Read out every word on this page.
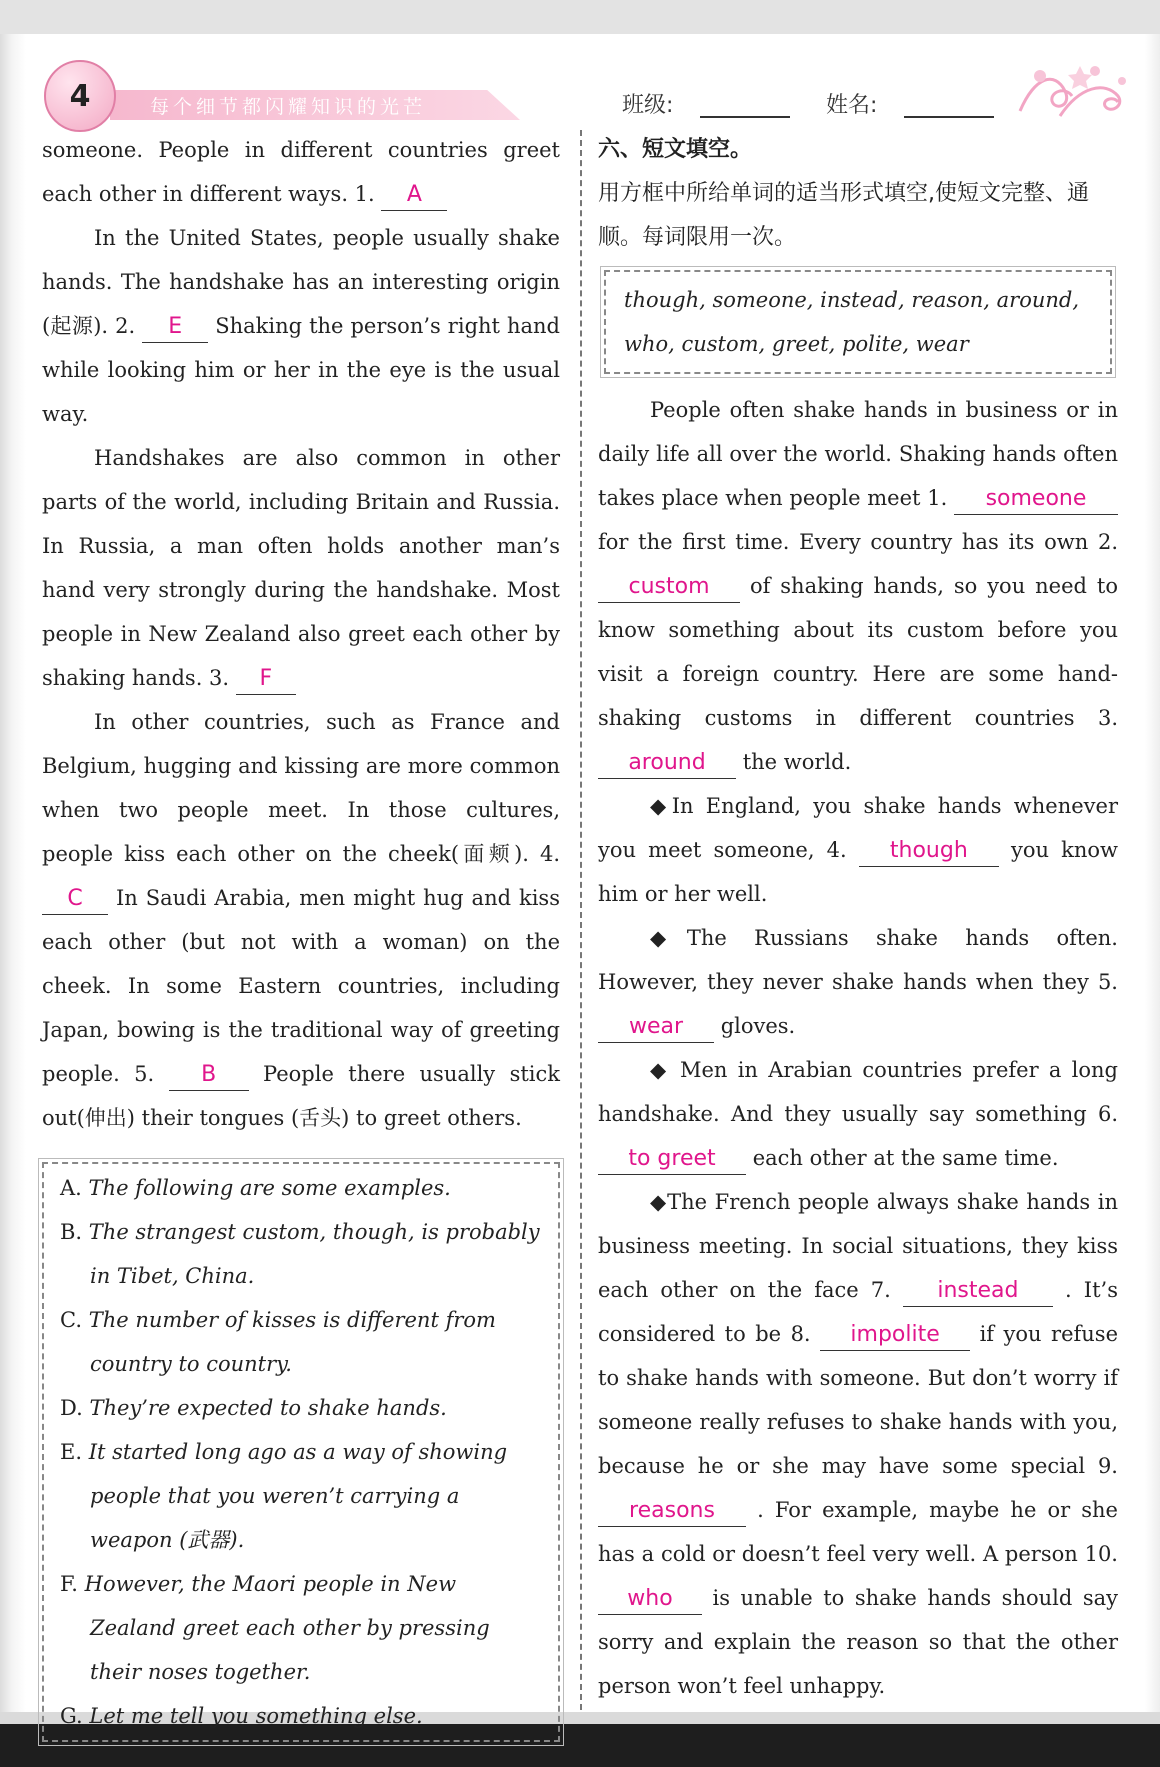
4	每个细节都闪耀知识的光芒	班级:	姓名:

someone. People in different countries greet each other in different ways. 1. A

In the United States, people usually shake hands. The handshake has an interesting origin (起源). 2. E Shaking the person’s right hand while looking him or her in the eye is the usual way.

Handshakes are also common in other parts of the world, including Britain and Russia. In Russia, a man often holds another man’s hand very strongly during the handshake. Most people in New Zealand also greet each other by shaking hands. 3. F

In other countries, such as France and Belgium, hugging and kissing are more common when two people meet. In those cultures, people kiss each other on the cheek(面颊). 4. C In Saudi Arabia, men might hug and kiss each other (but not with a woman) on the cheek. In some Eastern countries, including Japan, bowing is the traditional way of greeting people. 5. B People there usually stick out(伸出) their tongues (舌头) to greet others.

A. The following are some examples.

B. The strangest custom, though, is probably in Tibet, China.

C. The number of kisses is different from country to country.

D. They’re expected to shake hands.

E. It started long ago as a way of showing people that you weren’t carrying a weapon (武器).

F. However, the Maori people in New Zealand greet each other by pressing their noses together.

G. Let me tell you something else.

六、短文填空。

用方框中所给单词的适当形式填空,使短文完整、通顺。每词限用一次。

though, someone, instead, reason, around,
who, custom, greet, polite, wear

People often shake hands in business or in daily life all over the world. Shaking hands often takes place when people meet 1. someone for the first time. Every country has its own 2. custom of shaking hands, so you need to know something about its custom before you visit a foreign country. Here are some hand-shaking customs in different countries 3. around the world.

◆In England, you shake hands whenever you meet someone, 4. though you know him or her well.

◆The Russians shake hands often. However, they never shake hands when they 5. wear gloves.

◆ Men in Arabian countries prefer a long handshake. And they usually say something 6. to greet each other at the same time.

◆The French people always shake hands in business meeting. In social situations, they kiss each other on the face 7. instead . It’s considered to be 8. impolite if you refuse to shake hands with someone. But don’t worry if someone really refuses to shake hands with you, because he or she may have some special 9. reasons . For example, maybe he or she has a cold or doesn’t feel very well. A person 10. who is unable to shake hands should say sorry and explain the reason so that the other person won’t feel unhappy.
